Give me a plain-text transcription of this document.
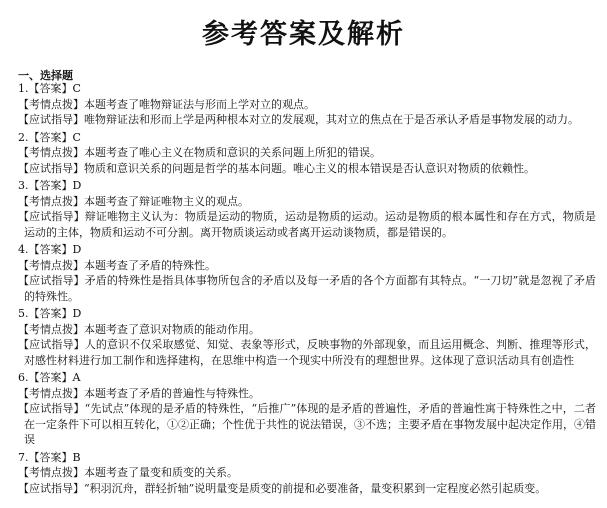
参考答案及解析
一、选择题
1.【答案】C
【考情点拨】本题考查了唯物辩证法与形而上学对立的观点。
【应试指导】唯物辩证法和形而上学是两种根本对立的发展观，其对立的焦点在于是否承认矛盾是事物发展的动力。
2.【答案】C
【考情点拨】本题考查了唯心主义在物质和意识的关系问题上所犯的错误。
【应试指导】物质和意识关系的问题是哲学的基本问题。唯心主义的根本错误是否认意识对物质的依赖性。
3.【答案】D
【考情点拨】本题考查了辩证唯物主义的观点。
【应试指导】辩证唯物主义认为：物质是运动的物质，运动是物质的运动。运动是物质的根本属性和存在方式，物质是运动的主体，物质和运动不可分割。离开物质谈运动或者离开运动谈物质，都是错误的。
4.【答案】D
【考情点拨】本题考查了矛盾的特殊性。
【应试指导】矛盾的特殊性是指具体事物所包含的矛盾以及每一矛盾的各个方面都有其特点。“一刀切”就是忽视了矛盾的特殊性。
5.【答案】D
【考情点拨】本题考查了意识对物质的能动作用。
【应试指导】人的意识不仅采取感觉、知觉、表象等形式，反映事物的外部现象，而且运用概念、判断、推理等形式，对感性材料进行加工制作和选择建构，在思维中构造一个现实中所没有的理想世界。这体现了意识活动具有创造性
6.【答案】A
【考情点拨】本题考查了矛盾的普遍性与特殊性。
【应试指导】“先试点”体现的是矛盾的特殊性，“后推广”体现的是矛盾的普遍性，矛盾的普遍性寓于特殊性之中，二者在一定条件下可以相互转化，①②正确；个性优于共性的说法错误，③不选；主要矛盾在事物发展中起决定作用，④错误
7.【答案】B
【考情点拨】本题考查了量变和质变的关系。
【应试指导】“积羽沉舟，群轻折轴”说明量变是质变的前提和必要准备，量变积累到一定程度必然引起质变。
